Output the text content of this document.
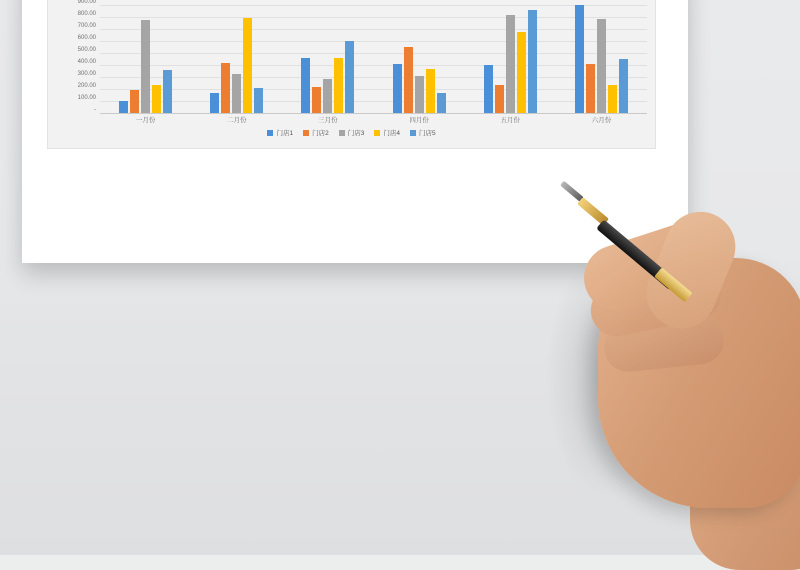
-
100.00
200.00
300.00
400.00
500.00
600.00
700.00
800.00
900.00
一月份	二月份	三月份	四月份	五月份	六月份
门店1	门店2	门店3	门店4	门店5
